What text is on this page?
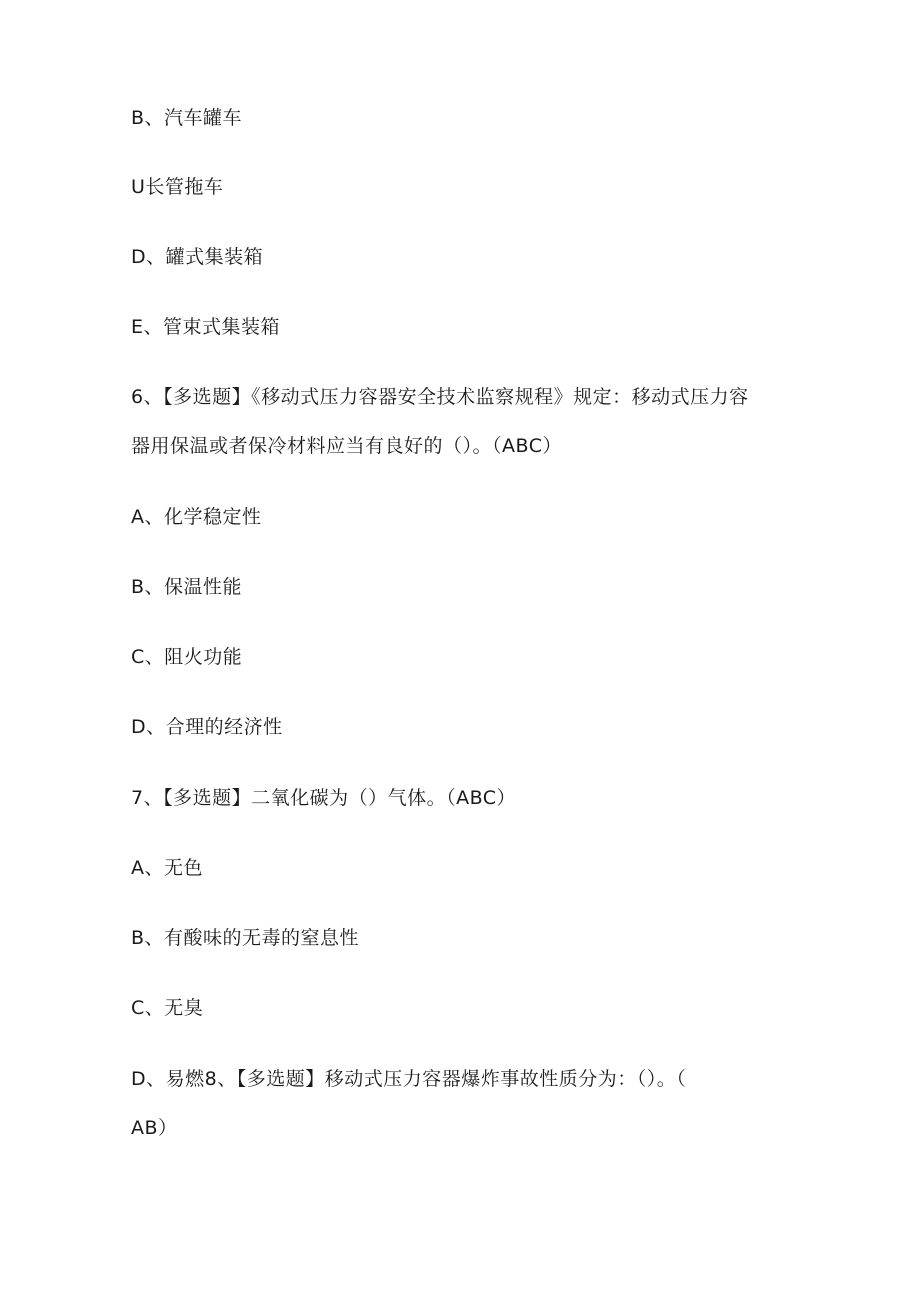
B、汽车罐车
U长管拖车
D、罐式集装箱
E、管束式集装箱
6、【多选题】《移动式压力容器安全技术监察规程》规定：移动式压力容
器用保温或者保冷材料应当有良好的（）。（ABC）
A、化学稳定性
B、保温性能
C、阻火功能
D、合理的经济性
7、【多选题】二氧化碳为（）气体。（ABC）
A、无色
B、有酸味的无毒的窒息性
C、无臭
D、易燃8、【多选题】移动式压力容器爆炸事故性质分为：（）。（
AB）
